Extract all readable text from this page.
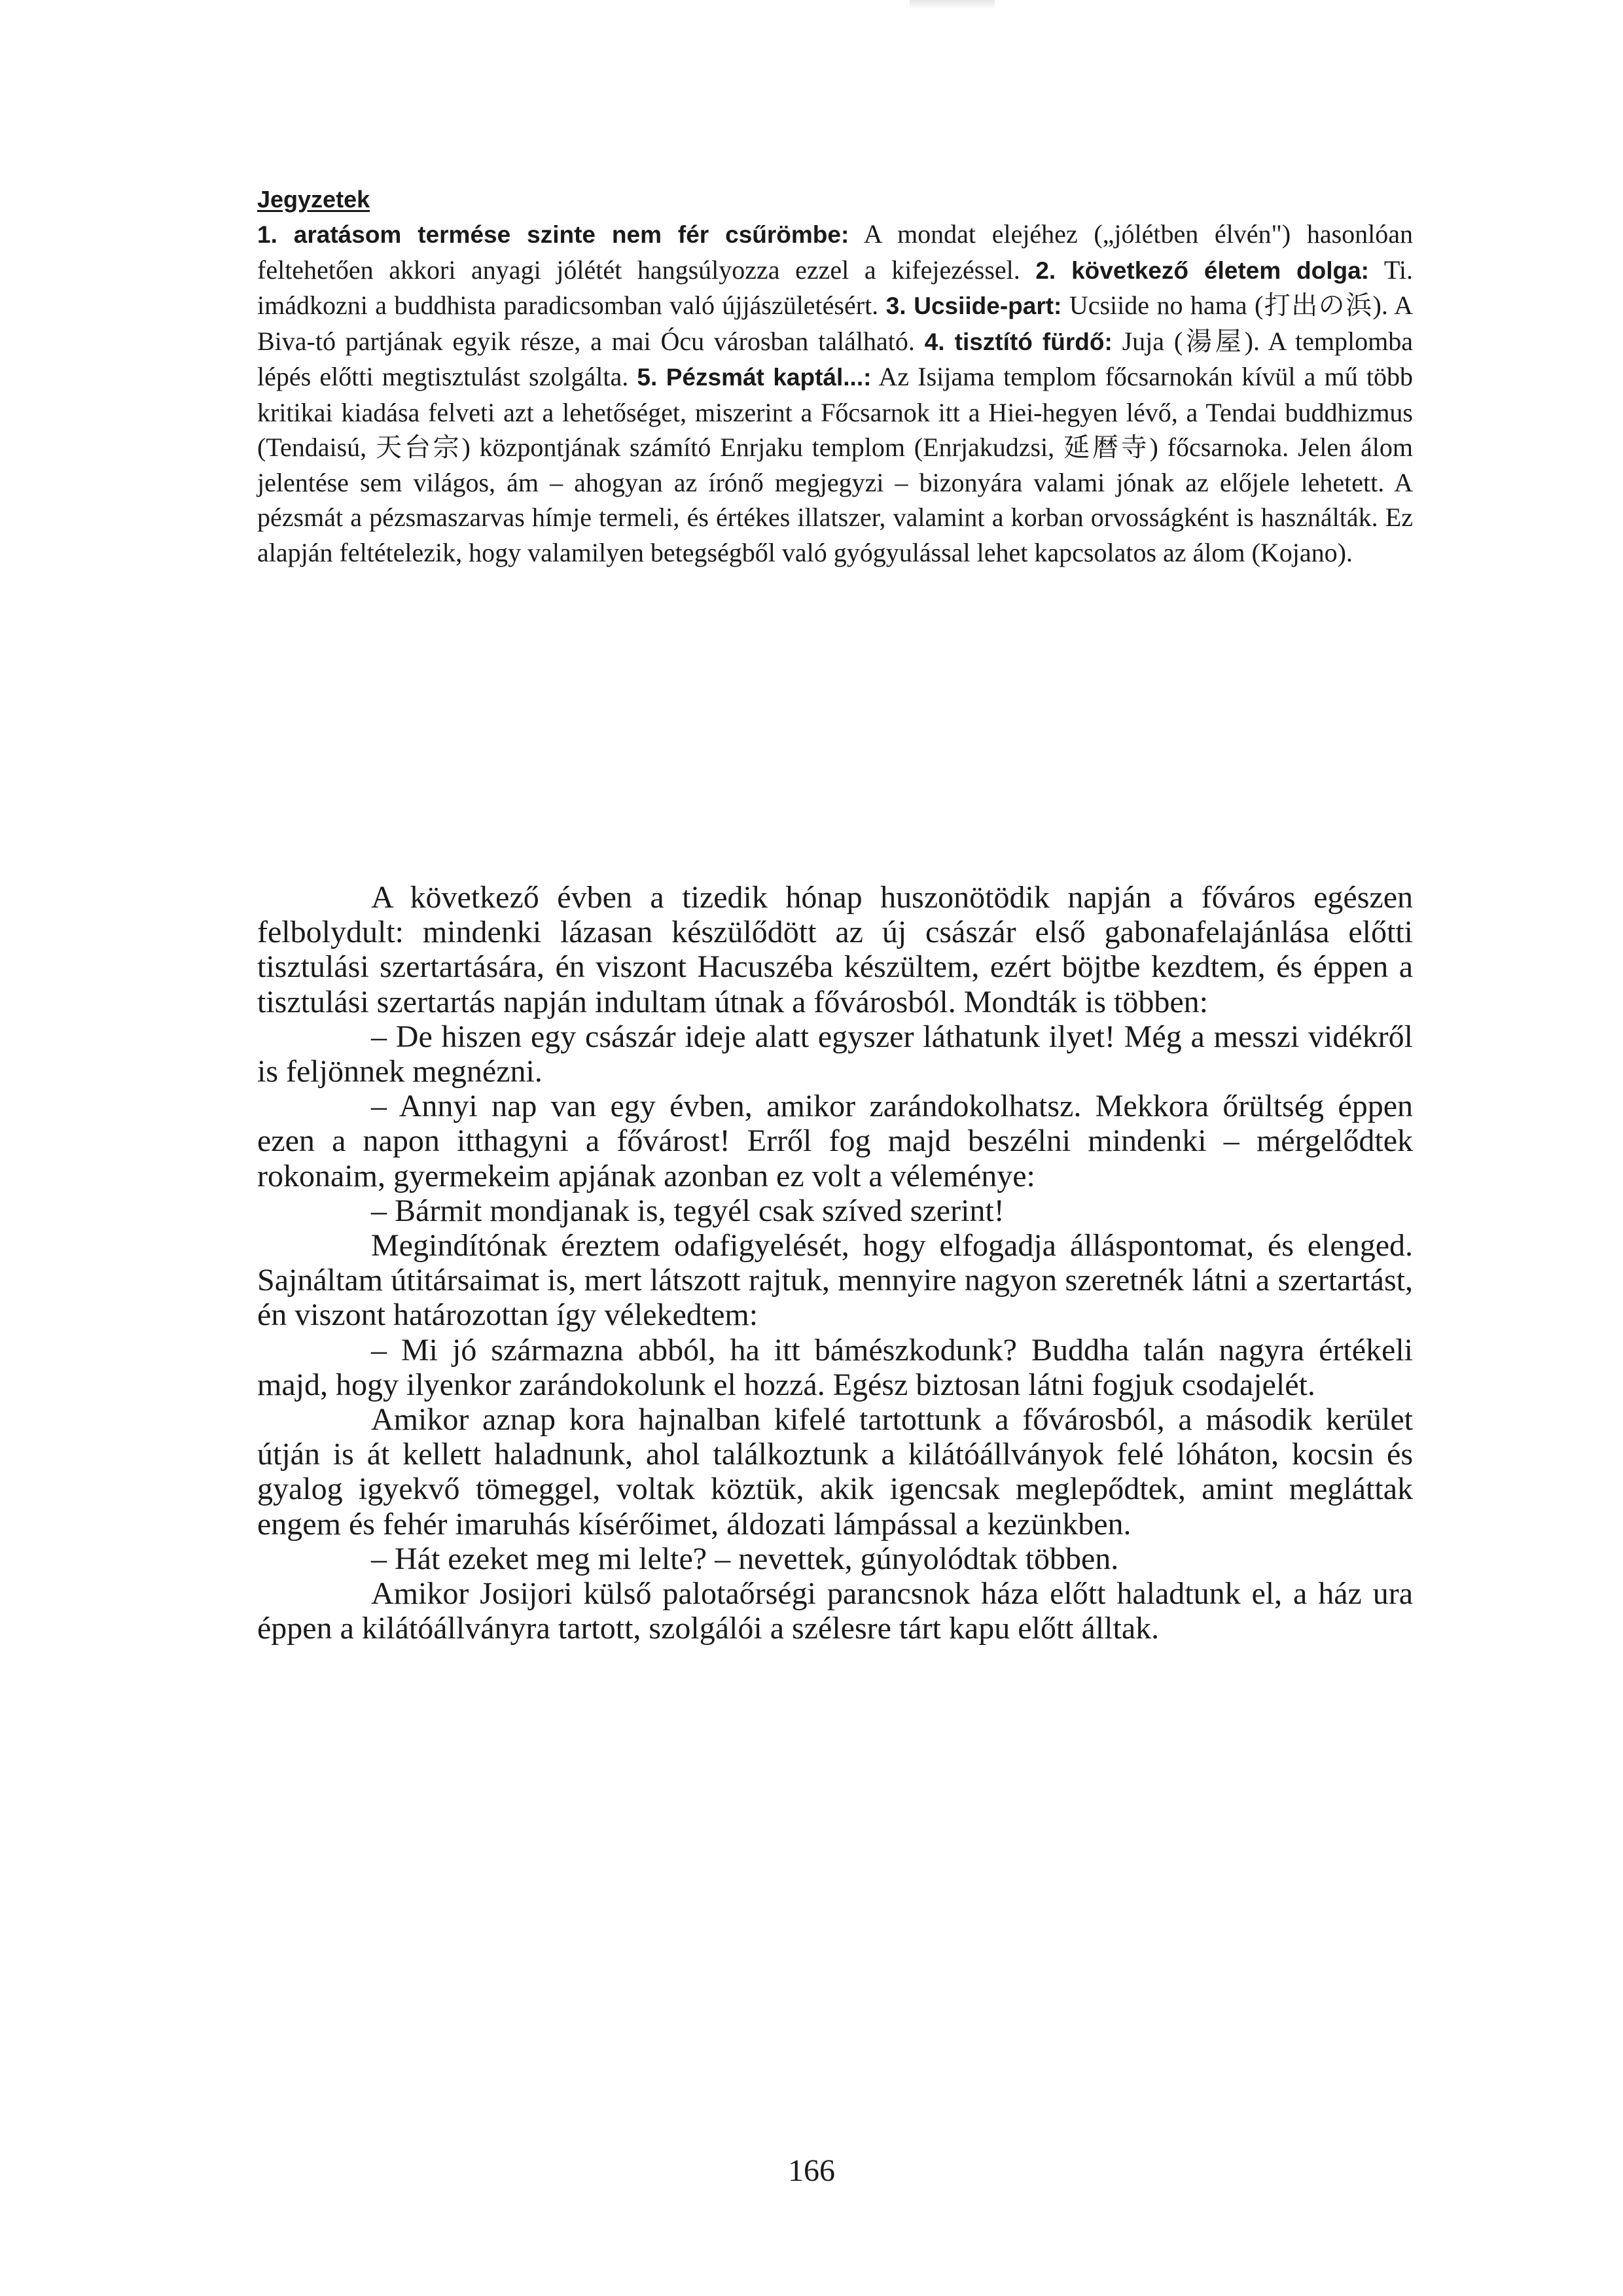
Jegyzetek

1. aratásom termése szinte nem fér csűrömbe: A mondat elejéhez („jólétben élvén") hasonlóan feltehetően akkori anyagi jólétét hangsúlyozza ezzel a kifejezéssel. 2. következő életem dolga: Ti. imádkozni a buddhista paradicsomban való újjászületésért. 3. Ucsiide-part: Ucsiide no hama (打出の浜). A Biva-tó partjának egyik része, a mai Ócu városban található. 4. tisztító fürdő: Juja (湯屋). A templomba lépés előtti megtisztulást szolgálta. 5. Pézsmát kaptál...: Az Isijama templom főcsarnokán kívül a mű több kritikai kiadása felveti azt a lehetőséget, miszerint a Főcsarnok itt a Hiei-hegyen lévő, a Tendai buddhizmus (Tendaisú, 天台宗) központjának számító Enrjaku templom (Enrjakudzsi, 延暦寺) főcsarnoka. Jelen álom jelentése sem világos, ám – ahogyan az írónő megjegyzi – bizonyára valami jónak az előjele lehetett. A pézsmát a pézsmaszarvas hímje termeli, és értékes illatszer, valamint a korban orvosságként is használták. Ez alapján feltételezik, hogy valamilyen betegségből való gyógyulással lehet kapcsolatos az álom (Kojano).

A következő évben a tizedik hónap huszonötödik napján a főváros egészen felbolydult: mindenki lázasan készülődött az új császár első gabonafelajánlása előtti tisztulási szertartására, én viszont Hacuszéba készültem, ezért böjtbe kezdtem, és éppen a tisztulási szertartás napján indultam útnak a fővárosból. Mondták is többen:

– De hiszen egy császár ideje alatt egyszer láthatunk ilyet! Még a messzi vidékről is feljönnek megnézni.

– Annyi nap van egy évben, amikor zarándokolhatsz. Mekkora őrültség éppen ezen a napon itthagyni a fővárost! Erről fog majd beszélni mindenki – mérgelődtek rokonaim, gyermekeim apjának azonban ez volt a véleménye:

– Bármit mondjanak is, tegyél csak szíved szerint!

Megindítónak éreztem odafigyelését, hogy elfogadja álláspontomat, és elenged. Sajnáltam útitársaimat is, mert látszott rajtuk, mennyire nagyon szeretnék látni a szertartást, én viszont határozottan így vélekedtem:

– Mi jó származna abból, ha itt bámészkodunk? Buddha talán nagyra értékeli majd, hogy ilyenkor zarándokolunk el hozzá. Egész biztosan látni fogjuk csodajelét.

Amikor aznap kora hajnalban kifelé tartottunk a fővárosból, a második kerület útján is át kellett haladnunk, ahol találkoztunk a kilátóállványok felé lóháton, kocsin és gyalog igyekvő tömeggel, voltak köztük, akik igencsak meglepődtek, amint megláttak engem és fehér imaruhás kísérőimet, áldozati lámpással a kezünkben.

– Hát ezeket meg mi lelte? – nevettek, gúnyolódtak többen.

Amikor Josijori külső palotaőrségi parancsnok háza előtt haladtunk el, a ház ura éppen a kilátóállványra tartott, szolgálói a szélesre tárt kapu előtt álltak.

166
